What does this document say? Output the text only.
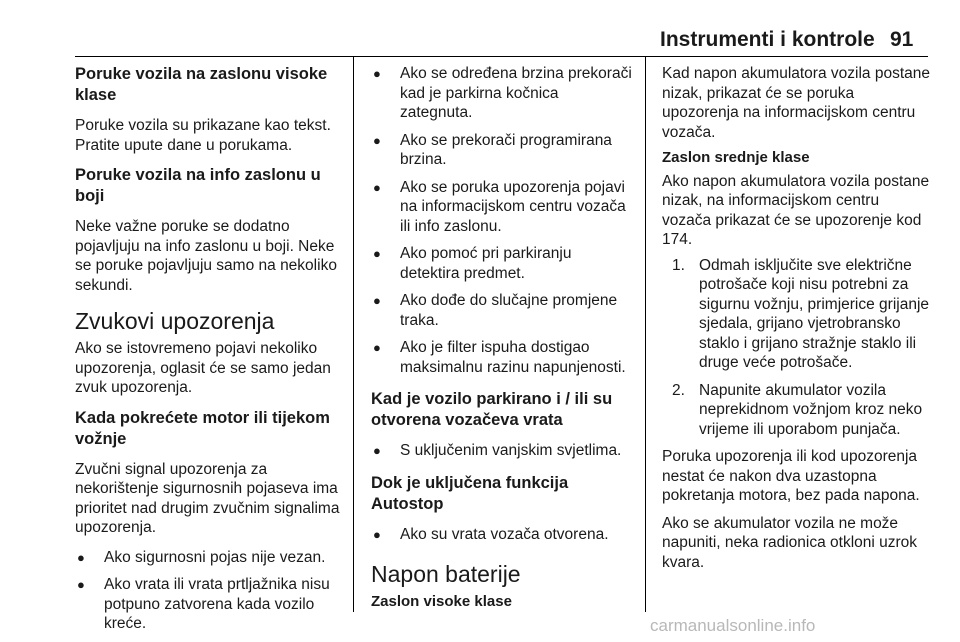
Instrumenti i kontrole 91
Poruke vozila na zaslonu visoke klase

Poruke vozila su prikazane kao tekst. Pratite upute dane u porukama.

Poruke vozila na info zaslonu u boji

Neke važne poruke se dodatno pojavljuju na info zaslonu u boji. Neke se poruke pojavljuju samo na nekoliko sekundi.

Zvukovi upozorenja

Ako se istovremeno pojavi nekoliko upozorenja, oglasit će se samo jedan zvuk upozorenja.

Kada pokrećete motor ili tijekom vožnje

Zvučni signal upozorenja za nekorištenje sigurnosnih pojaseva ima prioritet nad drugim zvučnim signalima upozorenja.

●	Ako sigurnosni pojas nije vezan.
●	Ako vrata ili vrata prtljažnika nisu potpuno zatvorena kada vozilo kreće.
●	Ako se određena brzina prekorači kad je parkirna kočnica zategnuta.
●	Ako se prekorači programirana brzina.
●	Ako se poruka upozorenja pojavi na informacijskom centru vozača ili info zaslonu.
●	Ako pomoć pri parkiranju detektira predmet.
●	Ako dođe do slučajne promjene traka.
●	Ako je filter ispuha dostigao maksimalnu razinu napunjenosti.
Kad je vozilo parkirano i / ili su otvorena vozačeva vrata
●	S uključenim vanjskim svjetlima.
Dok je uključena funkcija Autostop
●	Ako su vrata vozača otvorena.
Napon baterije
Zaslon visoke klase

Kad napon akumulatora vozila postane nizak, prikazat će se poruka upozorenja na informacijskom centru vozača.

Zaslon srednje klase

Ako napon akumulatora vozila postane nizak, na informacijskom centru vozača prikazat će se upozorenje kod 174.

1. Odmah isključite sve električne potrošače koji nisu potrebni za sigurnu vožnju, primjerice grijanje sjedala, grijano vjetrobransko staklo i grijano stražnje staklo ili druge veće potrošače.
2. Napunite akumulator vozila neprekidnom vožnjom kroz neko vrijeme ili uporabom punjača.

Poruka upozorenja ili kod upozorenja nestat će nakon dva uzastopna pokretanja motora, bez pada napona.

Ako se akumulator vozila ne može napuniti, neka radionica otkloni uzrok kvara.

carmanualsonline.info
